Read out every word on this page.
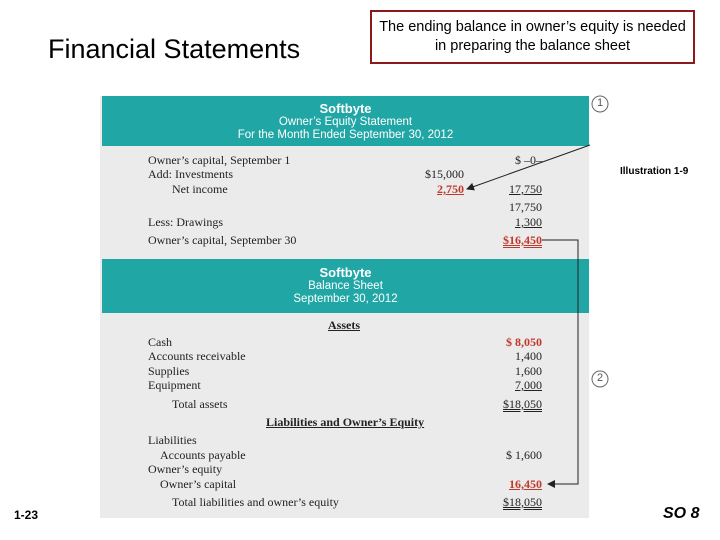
Financial Statements
The ending balance in owner’s equity is needed in preparing the balance sheet
Softbyte
Owner’s Equity Statement
For the Month Ended September 30, 2012
Owner’s capital, September 1	$ –0–
Add: Investments	$15,000
Net income	2,750	17,750
17,750
Less: Drawings	1,300
Owner’s capital, September 30	$16,450
Softbyte
Balance Sheet
September 30, 2012
Assets
Cash	$ 8,050
Accounts receivable	1,400
Supplies	1,600
Equipment	7,000
Total assets	$18,050
Liabilities and Owner’s Equity
Liabilities
Accounts payable	$ 1,600
Owner’s equity
Owner’s capital	16,450
Total liabilities and owner’s equity	$18,050
1
2
Illustration 1-9
1-23	SO 8
